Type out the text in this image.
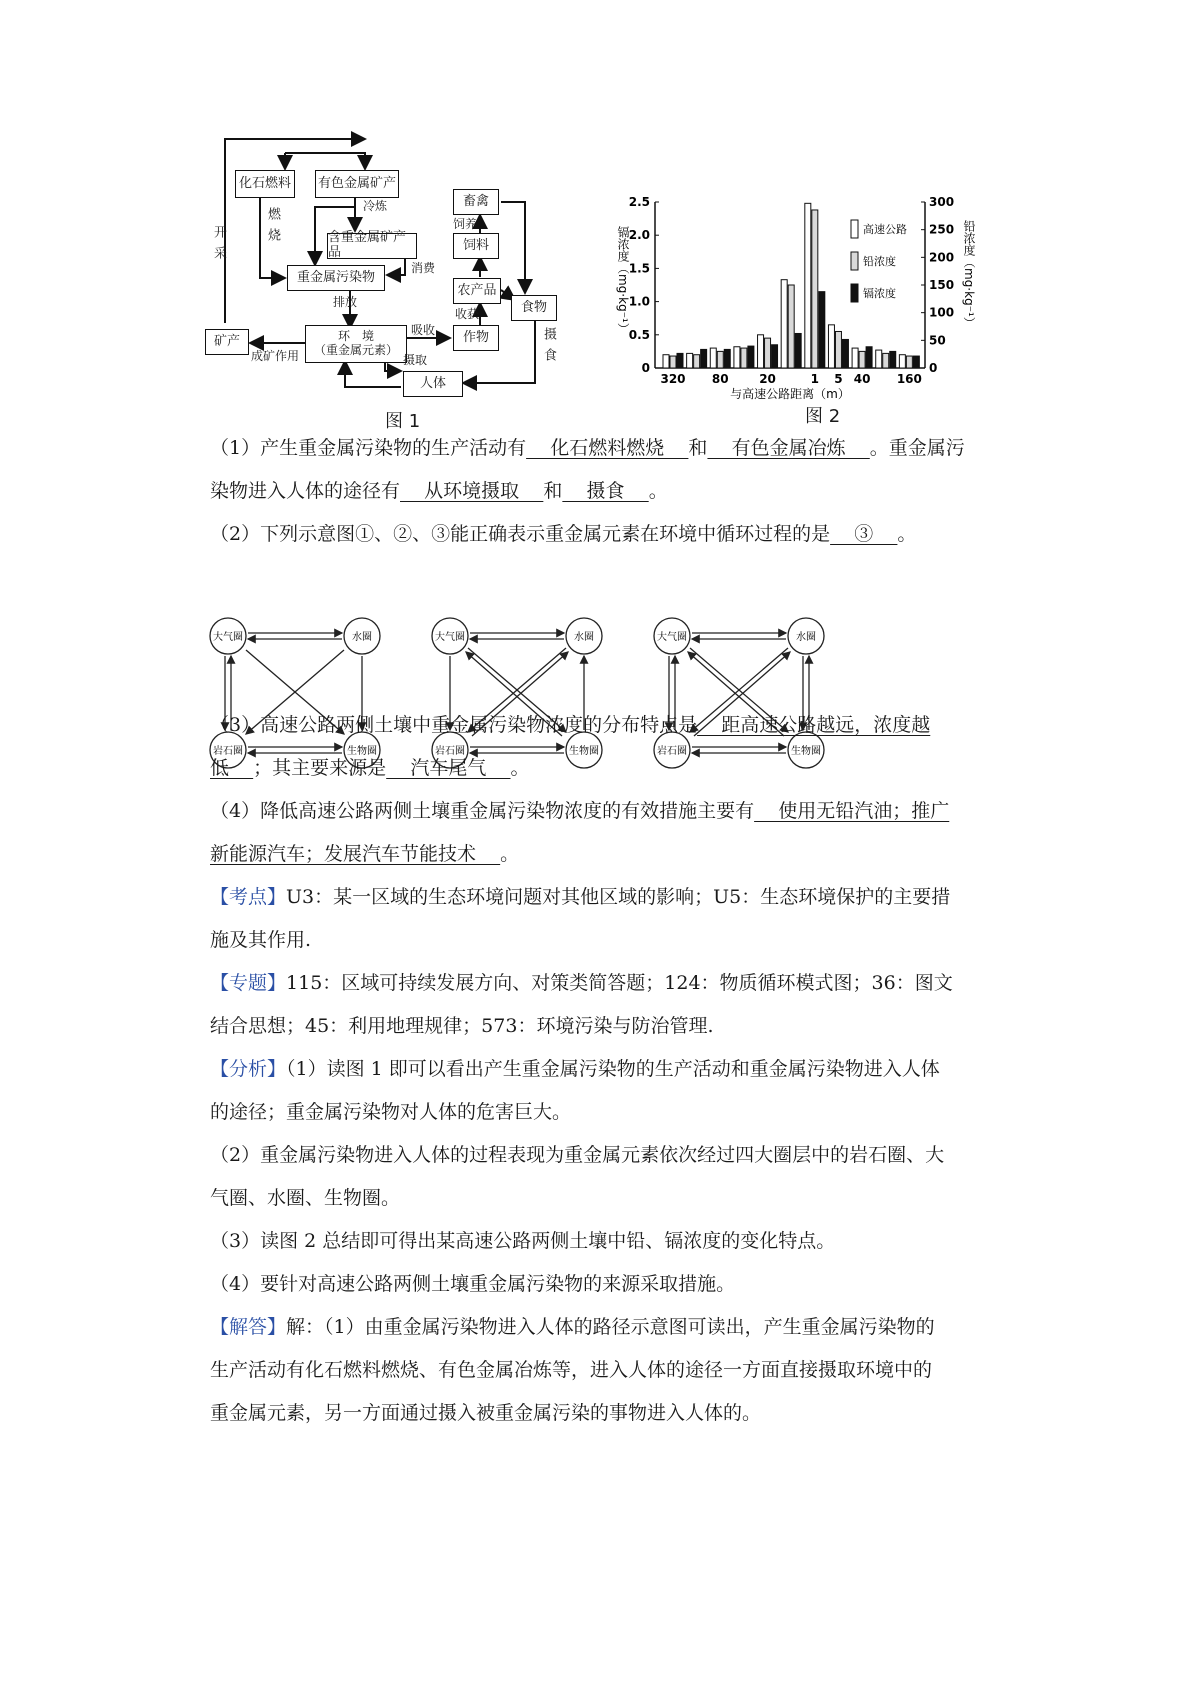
化石燃料	有色金属矿产
畜禽
饲料
含重金属矿产品
重金属污染物
农产品
食物
矿产	环　境
（重金属元素）
作物
人体
开采	燃烧
冷炼
消费
排放
饲养
收获
吸收	摄食
摄取
成矿作用
图 1
0
0.5
1.0
1.5
2.0
2.5
0
50
100
150
200
250
300
320 80	20	1 5 40 160
与高速公路距离（m）
镉浓度（mg·kg⁻¹）	铅浓度（mg·kg⁻¹）
高速公路
铅浓度
镉浓度
图 2
（1）产生重金属污染物的生产活动有    化石燃料燃烧    和    有色金属冶炼    。重金属污
染物进入人体的途径有    从环境摄取    和    摄食    。
（2）下列示意图①、②、③能正确表示重金属元素在环境中循环过程的是    ③    。
大气圈	水圈
岩石圈	生物圈
大气圈	水圈
岩石圈	生物圈
大气圈	水圈
岩石圈	生物圈
（3）高速公路两侧土壤中重金属污染物浓度的分布特点是    距高速公路越远，浓度越
低    ；其主要来源是    汽车尾气    。
（4）降低高速公路两侧土壤重金属污染物浓度的有效措施主要有    使用无铅汽油；推广
新能源汽车；发展汽车节能技术    。
【考点】U3：某一区域的生态环境问题对其他区域的影响；U5：生态环境保护的主要措
施及其作用.
【专题】115：区域可持续发展方向、对策类简答题；124：物质循环模式图；36：图文
结合思想；45：利用地理规律；573：环境污染与防治管理.
【分析】（1）读图 1 即可以看出产生重金属污染物的生产活动和重金属污染物进入人体
的途径；重金属污染物对人体的危害巨大。
（2）重金属污染物进入人体的过程表现为重金属元素依次经过四大圈层中的岩石圈、大
气圈、水圈、生物圈。
（3）读图 2 总结即可得出某高速公路两侧土壤中铅、镉浓度的变化特点。
（4）要针对高速公路两侧土壤重金属污染物的来源采取措施。
【解答】解：（1）由重金属污染物进入人体的路径示意图可读出，产生重金属污染物的
生产活动有化石燃料燃烧、有色金属冶炼等，进入人体的途径一方面直接摄取环境中的
重金属元素，另一方面通过摄入被重金属污染的事物进入人体的。
